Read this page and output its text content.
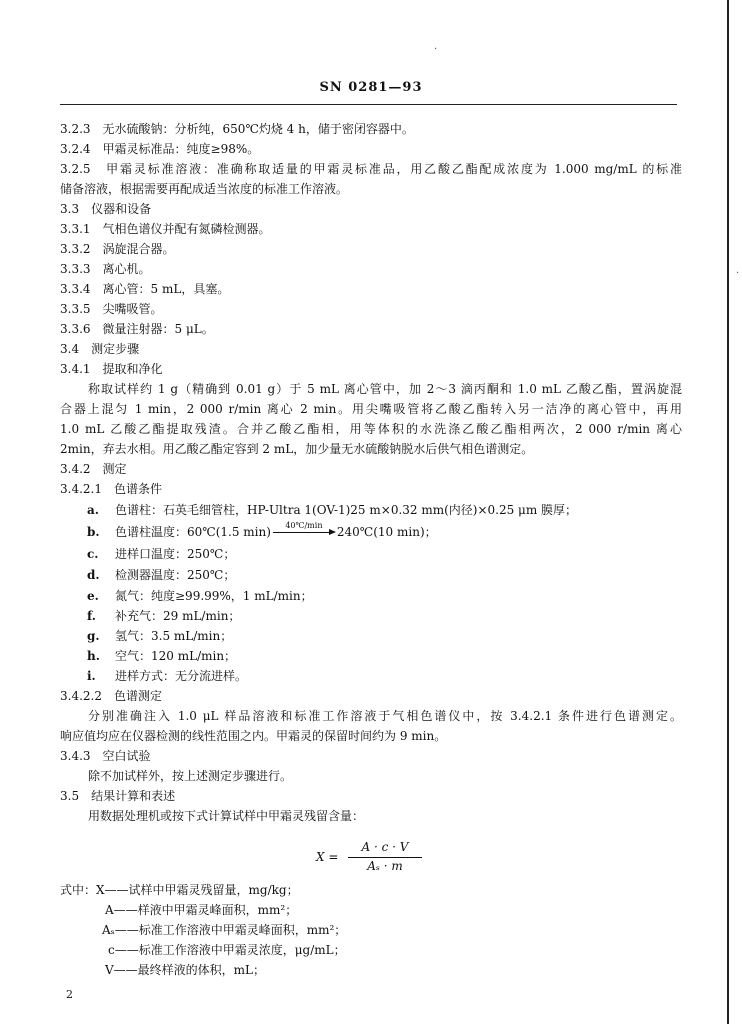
·
·
SN 0281—93
3.2.3　无水硫酸钠：分析纯，650℃灼烧 4 h，储于密闭容器中。
3.2.4　甲霜灵标准品：纯度≥98%。
3.2.5　甲霜灵标准溶液：准确称取适量的甲霜灵标准品，用乙酸乙酯配成浓度为 1.000 mg/mL 的标准
储备溶液，根据需要再配成适当浓度的标准工作溶液。
3.3　仪器和设备
3.3.1　气相色谱仪并配有氮磷检测器。
3.3.2　涡旋混合器。
3.3.3　离心机。
3.3.4　离心管：5 mL，具塞。
3.3.5　尖嘴吸管。
3.3.6　微量注射器：5 μL。
3.4　测定步骤
3.4.1　提取和净化
称取试样约 1 g（精确到 0.01 g）于 5 mL 离心管中，加 2～3 滴丙酮和 1.0 mL 乙酸乙酯，置涡旋混
合器上混匀 1 min，2 000 r/min 离心 2 min。用尖嘴吸管将乙酸乙酯转入另一洁净的离心管中，再用
1.0 mL 乙酸乙酯提取残渣。合并乙酸乙酯相，用等体积的水洗涤乙酸乙酯相两次，2 000 r/min 离心
2min，弃去水相。用乙酸乙酯定容到 2 mL，加少量无水硫酸钠脱水后供气相色谱测定。
3.4.2　测定
3.4.2.1　色谱条件
a. 色谱柱：石英毛细管柱，HP-Ultra 1(OV-1)25 m×0.32 mm(内径)×0.25 μm 膜厚；
b. 色谱柱温度：60℃(1.5 min)	40℃/min	240℃(10 min)；
c. 进样口温度：250℃；
d. 检测器温度：250℃；
e. 氮气：纯度≥99.99%，1 mL/min；
f. 补充气：29 mL/min；
g. 氢气：3.5 mL/min；
h. 空气：120 mL/min；
i. 进样方式：无分流进样。
3.4.2.2　色谱测定
分别准确注入 1.0 μL 样品溶液和标准工作溶液于气相色谱仪中，按 3.4.2.1 条件进行色谱测定。
响应值均应在仪器检测的线性范围之内。甲霜灵的保留时间约为 9 min。
3.4.3　空白试验
除不加试样外，按上述测定步骤进行。
3.5　结果计算和表述
用数据处理机或按下式计算试样中甲霜灵残留含量：
X =
A · c · V
Aₛ · m
式中：X——试样中甲霜灵残留量，mg/kg；
A——样液中甲霜灵峰面积，mm²；
Aₛ——标准工作溶液中甲霜灵峰面积，mm²；
c——标准工作溶液中甲霜灵浓度，μg/mL；
V——最终样液的体积，mL；
2
